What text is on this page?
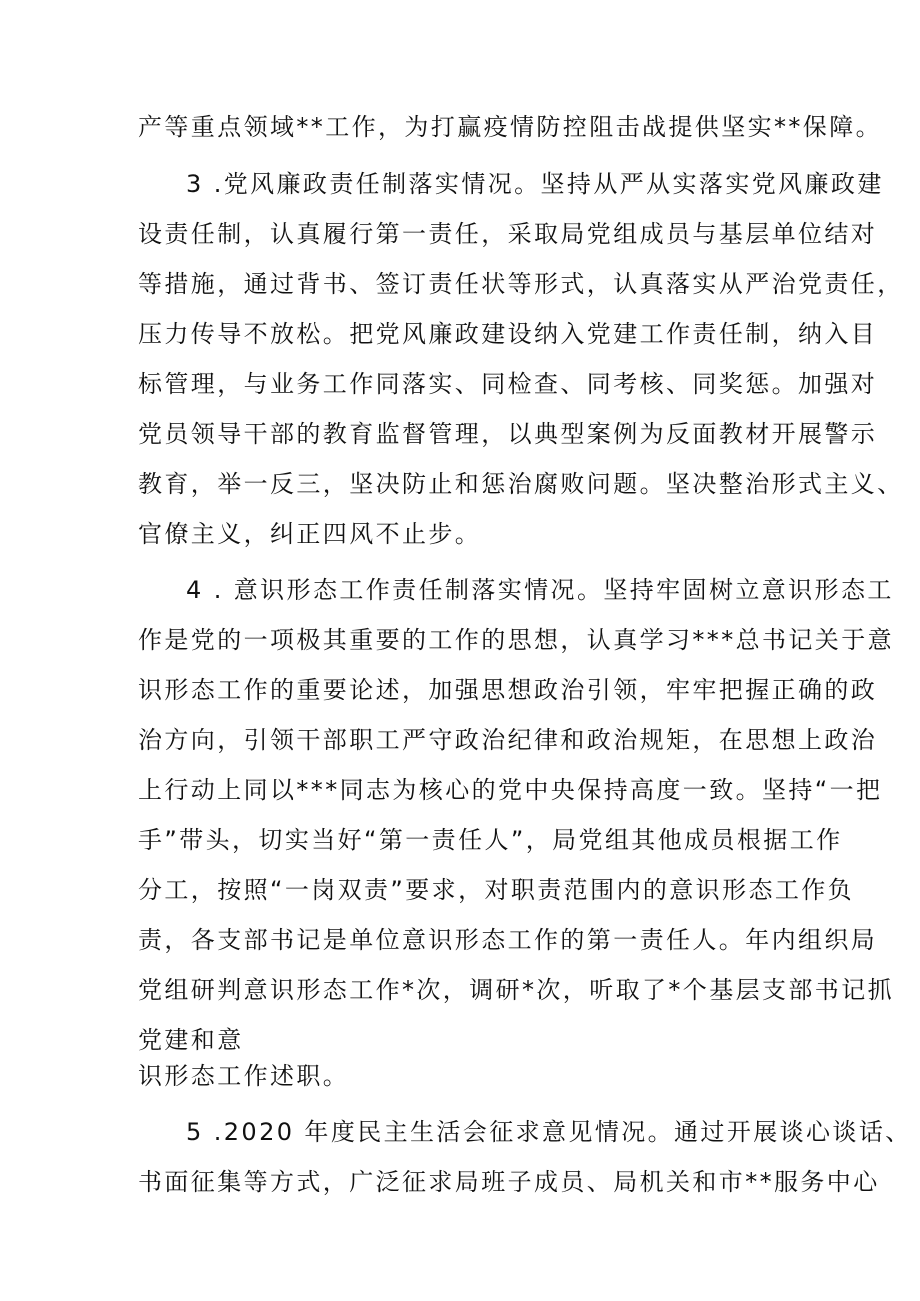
产等重点领域**工作，为打赢疫情防控阻击战提供坚实**保障。

3 .党风廉政责任制落实情况。坚持从严从实落实党风廉政建

设责任制，认真履行第一责任，采取局党组成员与基层单位结对

等措施，通过背书、签订责任状等形式，认真落实从严治党责任，

压力传导不放松。把党风廉政建设纳入党建工作责任制，纳入目

标管理，与业务工作同落实、同检查、同考核、同奖惩。加强对

党员领导干部的教育监督管理，以典型案例为反面教材开展警示

教育，举一反三，坚决防止和惩治腐败问题。坚决整治形式主义、

官僚主义，纠正四风不止步。

4 . 意识形态工作责任制落实情况。坚持牢固树立意识形态工

作是党的一项极其重要的工作的思想，认真学习***总书记关于意

识形态工作的重要论述，加强思想政治引领，牢牢把握正确的政

治方向，引领干部职工严守政治纪律和政治规矩，在思想上政治

上行动上同以***同志为核心的党中央保持高度一致。坚持“一把

手”带头，切实当好“第一责任人”，局党组其他成员根据工作

分工，按照“一岗双责”要求，对职责范围内的意识形态工作负

责，各支部书记是单位意识形态工作的第一责任人。年内组织局

党组研判意识形态工作*次，调研*次，听取了*个基层支部书记抓

党建和意

识形态工作述职。

5 .2020 年度民主生活会征求意见情况。通过开展谈心谈话、

书面征集等方式，广泛征求局班子成员、局机关和市**服务中心
